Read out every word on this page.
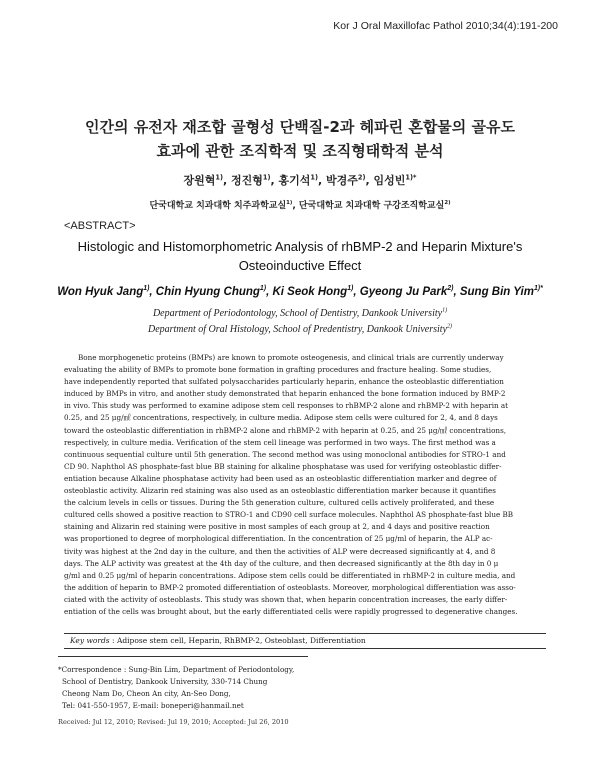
Kor J Oral Maxillofac Pathol 2010;34(4):191-200
인간의 유전자 재조합 골형성 단백질-2과 헤파린 혼합물의 골유도
효과에 관한 조직학적 및 조직형태학적 분석
장원혁$^{1)}$, 정진형$^{1)}$, 홍기석$^{1)}$, 박경주$^{2)}$, 임성빈$^{1)*}$
단국대학교 치과대학 치주과학교실$^{1)}$, 단국대학교 치과대학 구강조직학교실$^{2)}$
<ABSTRACT>
Histologic and Histomorphometric Analysis of rhBMP-2 and Heparin Mixture's
Osteoinductive Effect
Won Hyuk Jang$^{1)}$, Chin Hyung Chung$^{1)}$, Ki Seok Hong$^{1)}$, Gyeong Ju Park$^{2)}$, Sung Bin Yim$^{1)*}$
Department of Periodontology, School of Dentistry, Dankook University$^{1)}$
Department of Oral Histology, School of Predentistry, Dankook University$^{2)}$
Bone morphogenetic proteins (BMPs) are known to promote osteogenesis, and clinical trials are currently underway
evaluating the ability of BMPs to promote bone formation in grafting procedures and fracture healing. Some studies,
have independently reported that sulfated polysaccharides particularly heparin, enhance the osteoblastic differentiation
induced by BMPs in vitro, and another study demonstrated that heparin enhanced the bone formation induced by BMP-2
in vivo. This study was performed to examine adipose stem cell responses to rhBMP-2 alone and rhBMP-2 with heparin at
0.25, and 25 μg/㎖ concentrations, respectively, in culture media. Adipose stem cells were cultured for 2, 4, and 8 days
toward the osteoblastic differentiation in rhBMP-2 alone and rhBMP-2 with heparin at 0.25, and 25 μg/㎖ concentrations,
respectively, in culture media. Verification of the stem cell lineage was performed in two ways. The first method was a
continuous sequential culture until 5th generation. The second method was using monoclonal antibodies for STRO-1 and
CD 90. Naphthol AS phosphate-fast blue BB staining for alkaline phosphatase was used for verifying osteoblastic differ-
entiation because Alkaline phosphatase activity had been used as an osteoblastic differentiation marker and degree of
osteoblastic activity. Alizarin red staining was also used as an osteoblastic differentiation marker because it quantifies
the calcium levels in cells or tissues. During the 5th generation culture, cultured cells actively proliferated, and these
cultured cells showed a positive reaction to STRO-1 and CD90 cell surface molecules. Naphthol AS phosphate-fast blue BB
staining and Alizarin red staining were positive in most samples of each group at 2, and 4 days and positive reaction
was proportioned to degree of morphological differentiation. In the concentration of 25 μg/ml of heparin, the ALP ac-
tivity was highest at the 2nd day in the culture, and then the activities of ALP were decreased significantly at 4, and 8
days. The ALP activity was greatest at the 4th day of the culture, and then decreased significantly at the 8th day in 0 μ
g/ml and 0.25 μg/ml of heparin concentrations. Adipose stem cells could be differentiated in rhBMP-2 in culture media, and
the addition of heparin to BMP-2 promoted differentiation of osteoblasts. Moreover, morphological differentiation was asso-
ciated with the activity of osteoblasts. This study was shown that, when heparin concentration increases, the early differ-
entiation of the cells was brought about, but the early differentiated cells were rapidly progressed to degenerative changes.
Key words : Adipose stem cell, Heparin, RhBMP-2, Osteoblast, Differentiation
*Correspondence : Sung-Bin Lim, Department of Periodontology,
School of Dentistry, Dankook University, 330-714 Chung
Cheong Nam Do, Cheon An city, An-Seo Dong,
Tel: 041-550-1957, E-mail: boneperi@hanmail.net
Received: Jul 12, 2010; Revised: Jul 19, 2010; Accepted: Jul 26, 2010
